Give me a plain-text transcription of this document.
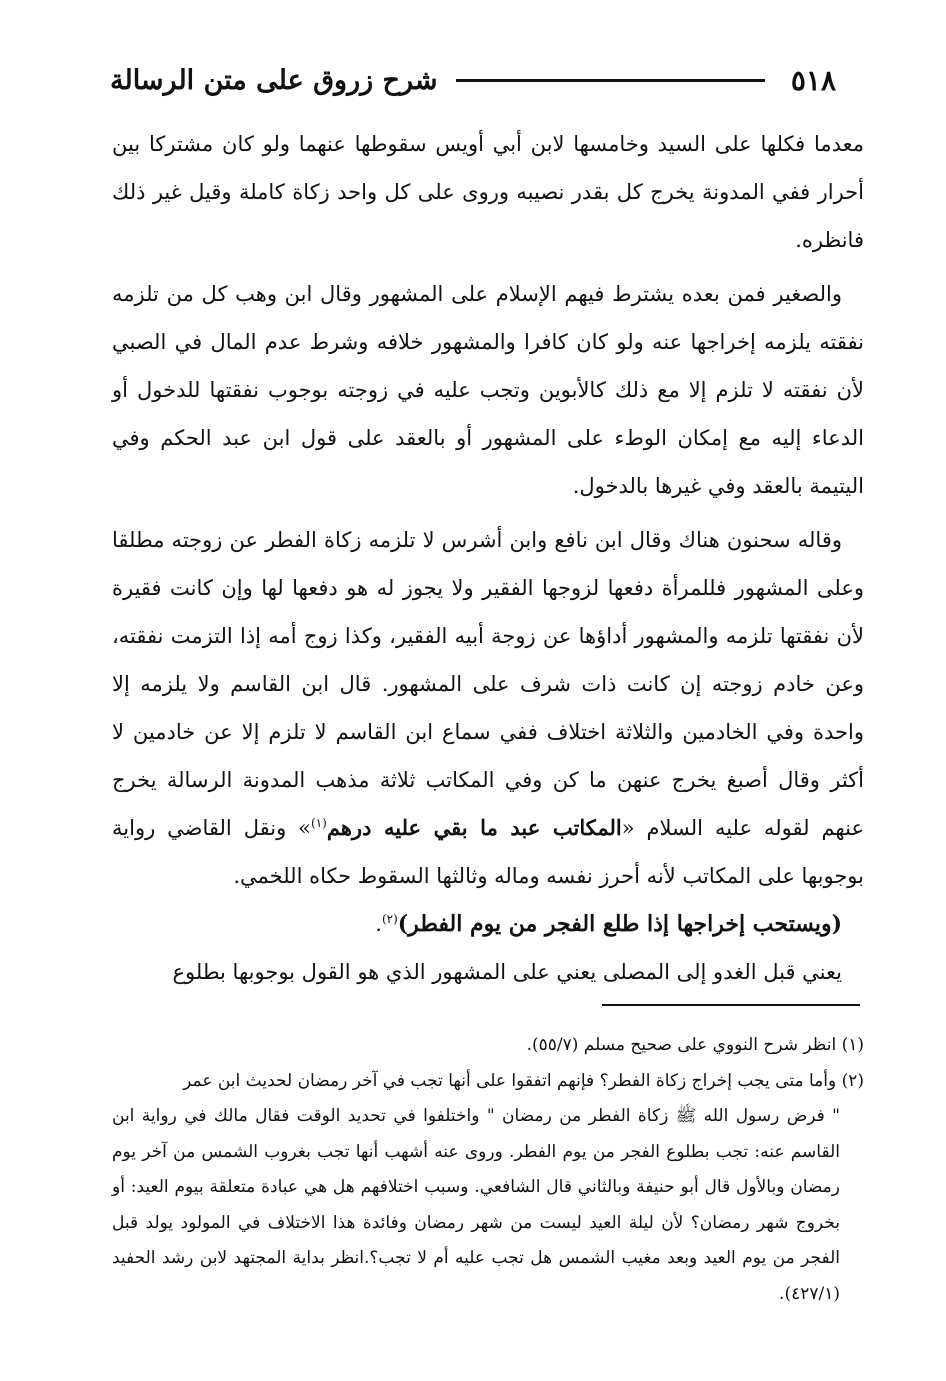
٥١٨
شرح زروق على متن الرسالة

معدما فكلها على السيد وخامسها لابن أبي أويس سقوطها عنهما ولو كان مشتركا بين أحرار ففي المدونة يخرج كل بقدر نصيبه وروى على كل واحد زكاة كاملة وقيل غير ذلك فانظره.

والصغير فمن بعده يشترط فيهم الإسلام على المشهور وقال ابن وهب كل من تلزمه نفقته يلزمه إخراجها عنه ولو كان كافرا والمشهور خلافه وشرط عدم المال في الصبي لأن نفقته لا تلزم إلا مع ذلك كالأبوين وتجب عليه في زوجته بوجوب نفقتها للدخول أو الدعاء إليه مع إمكان الوطء على المشهور أو بالعقد على قول ابن عبد الحكم وفي اليتيمة بالعقد وفي غيرها بالدخول.

وقاله سحنون هناك وقال ابن نافع وابن أشرس لا تلزمه زكاة الفطر عن زوجته مطلقا وعلى المشهور فللمرأة دفعها لزوجها الفقير ولا يجوز له هو دفعها لها وإن كانت فقيرة لأن نفقتها تلزمه والمشهور أداؤها عن زوجة أبيه الفقير، وكذا زوج أمه إذا التزمت نفقته، وعن خادم زوجته إن كانت ذات شرف على المشهور. قال ابن القاسم ولا يلزمه إلا واحدة وفي الخادمين والثلاثة اختلاف ففي سماع ابن القاسم لا تلزم إلا عن خادمين لا أكثر وقال أصبغ يخرج عنهن ما كن وفي المكاتب ثلاثة مذهب المدونة الرسالة يخرج عنهم لقوله عليه السلام «المكاتب عبد ما بقي عليه درهم$^{(١)}$» ونقل القاضي رواية بوجوبها على المكاتب لأنه أحرز نفسه وماله وثالثها السقوط حكاه اللخمي.

(ويستحب إخراجها إذا طلع الفجر من يوم الفطر)$^{(٢)}$.

يعني قبل الغدو إلى المصلى يعني على المشهور الذي هو القول بوجوبها بطلوع

(١) انظر شرح النووي على صحيح مسلم (٥٥/٧).

(٢) وأما متى يجب إخراج زكاة الفطر؟ فإنهم اتفقوا على أنها تجب في آخر رمضان لحديث ابن عمر

" فرض رسول الله ﷺ زكاة الفطر من رمضان " واختلفوا في تحديد الوقت فقال مالك في رواية ابن القاسم عنه: تجب بطلوع الفجر من يوم الفطر. وروى عنه أشهب أنها تجب بغروب الشمس من آخر يوم رمضان وبالأول قال أبو حنيفة وبالثاني قال الشافعي. وسبب اختلافهم هل هي عبادة متعلقة بيوم العيد: أو بخروج شهر رمضان؟ لأن ليلة العيد ليست من شهر رمضان وفائدة هذا الاختلاف في المولود يولد قبل الفجر من يوم العيد وبعد مغيب الشمس هل تجب عليه أم لا تجب؟.انظر بداية المجتهد لابن رشد الحفيد (٤٢٧/١).
